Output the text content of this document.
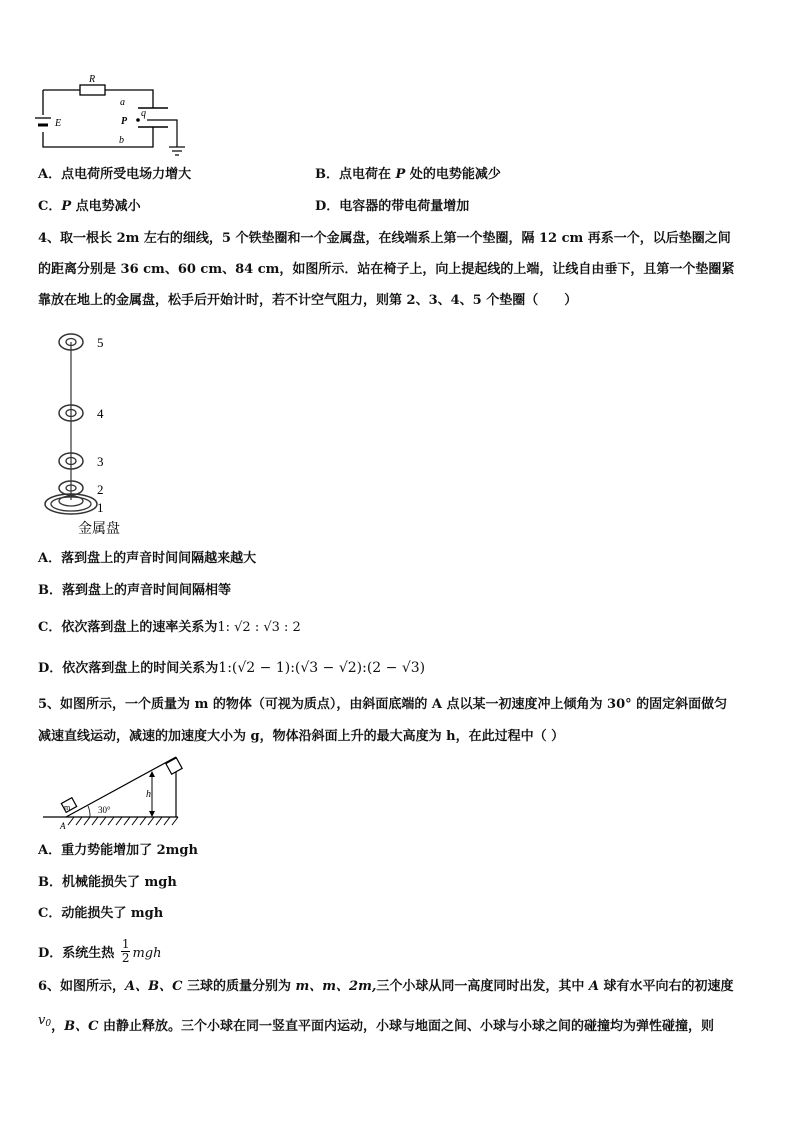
R
E
a
P
q
b
A．点电荷所受电场力增大	B．点电荷在 P 处的电势能减少
C．P 点电势减小	D．电容器的带电荷量增加
4、取一根长 2m 左右的细线，5 个铁垫圈和一个金属盘，在线端系上第一个垫圈，隔 12 cm 再系一个，以后垫圈之间
的距离分别是 36 cm、60 cm、84 cm，如图所示．站在椅子上，向上提起线的上端，让线自由垂下，且第一个垫圈紧
靠放在地上的金属盘，松手后开始计时，若不计空气阻力，则第 2、3、4、5 个垫圈（　　）
5
4
3
2
1
金属盘
A．落到盘上的声音时间间隔越来越大
B．落到盘上的声音时间间隔相等
C．依次落到盘上的速率关系为1: √2 : √3 : 2
D．依次落到盘上的时间关系为1:(√2 − 1):(√3 − √2):(2 − √3)
5、如图所示，一个质量为 m 的物体（可视为质点），由斜面底端的 A 点以某一初速度冲上倾角为 30° 的固定斜面做匀
减速直线运动，减速的加速度大小为 g，物体沿斜面上升的最大高度为 h，在此过程中（ ）
m
h
30°
A
A．重力势能增加了 2mgh
B．机械能损失了 mgh
C．动能损失了 mgh
D．系统生热 $\frac{1}{2}$ mgh
6、如图所示，A、B、C 三球的质量分别为 m、m、2m,三个小球从同一高度同时出发，其中 A 球有水平向右的初速度
$v^0$，B、C 由静止释放。三个小球在同一竖直平面内运动，小球与地面之间、小球与小球之间的碰撞均为弹性碰撞，则
